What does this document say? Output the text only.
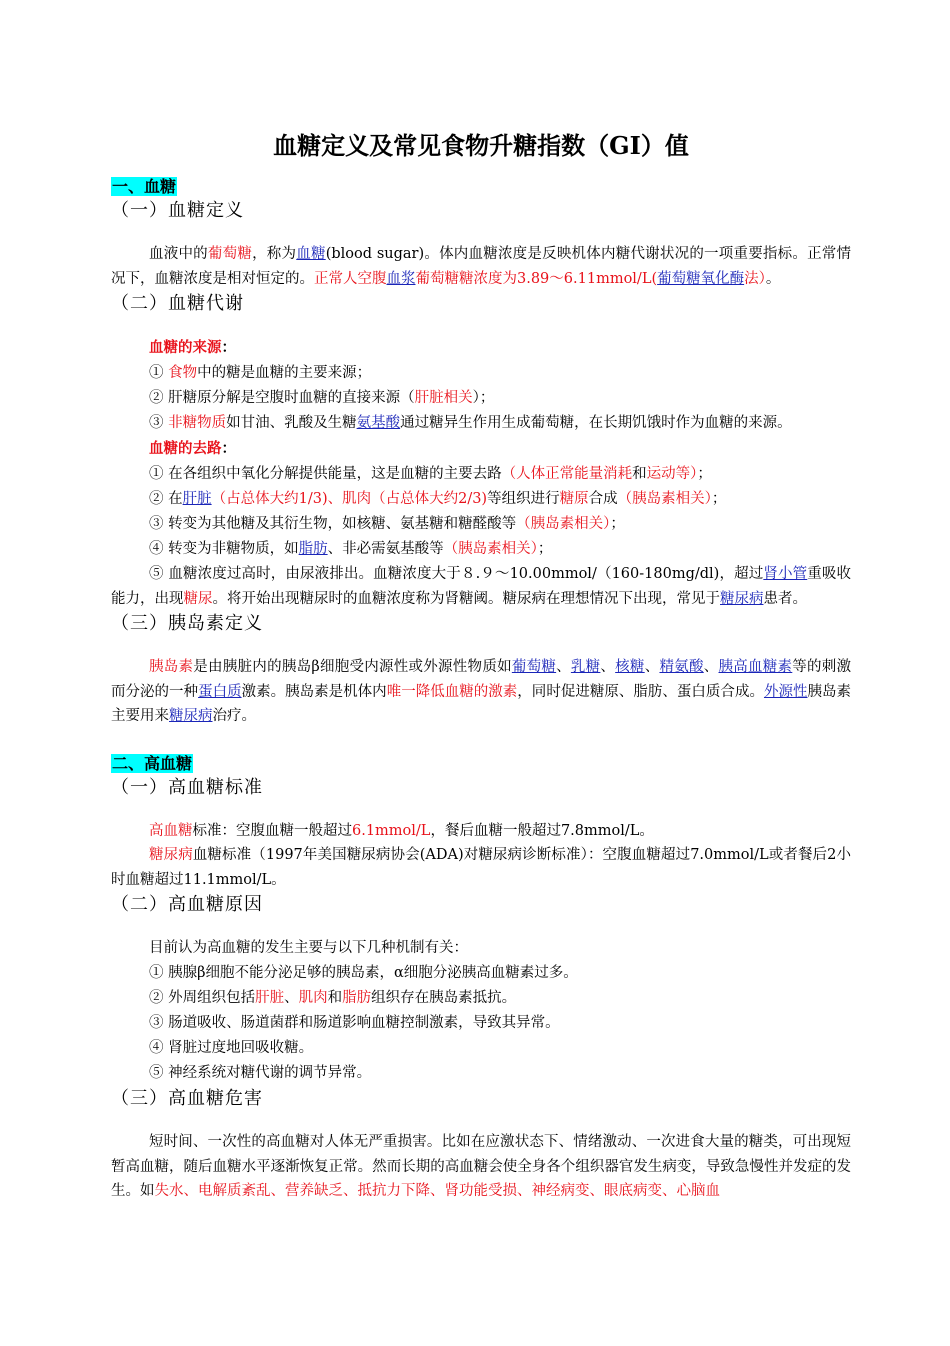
血糖定义及常见食物升糖指数（GI）值

一、血糖

（一）血糖定义

血液中的葡萄糖，称为血糖(blood sugar)。体内血糖浓度是反映机体内糖代谢状况的一项重要指标。正常情况下，血糖浓度是相对恒定的。正常人空腹血浆葡萄糖糖浓度为3.89～6.11mmol/L(葡萄糖氧化酶法）。

（二）血糖代谢

血糖的来源：

① 食物中的糖是血糖的主要来源；

② 肝糖原分解是空腹时血糖的直接来源（肝脏相关）；

③ 非糖物质如甘油、乳酸及生糖氨基酸通过糖异生作用生成葡萄糖，在长期饥饿时作为血糖的来源。

血糖的去路：

① 在各组织中氧化分解提供能量，这是血糖的主要去路（人体正常能量消耗和运动等）；

② 在肝脏（占总体大约1/3)、肌肉（占总体大约2/3)等组织进行糖原合成（胰岛素相关）；

③ 转变为其他糖及其衍生物，如核糖、氨基糖和糖醛酸等（胰岛素相关）；

④ 转变为非糖物质，如脂肪、非必需氨基酸等（胰岛素相关）；

⑤ 血糖浓度过高时，由尿液排出。血糖浓度大于８.９～10.00mmol/（160-180mg/dl)，超过肾小管重吸收能力，出现糖尿。将开始出现糖尿时的血糖浓度称为肾糖阈。糖尿病在理想情况下出现，常见于糖尿病患者。

（三）胰岛素定义

胰岛素是由胰脏内的胰岛β细胞受内源性或外源性物质如葡萄糖、乳糖、核糖、精氨酸、胰高血糖素等的刺激而分泌的一种蛋白质激素。胰岛素是机体内唯一降低血糖的激素，同时促进糖原、脂肪、蛋白质合成。外源性胰岛素主要用来糖尿病治疗。

二、高血糖

（一）高血糖标准

高血糖标准：空腹血糖一般超过6.1mmol/L，餐后血糖一般超过7.8mmol/L。

糖尿病血糖标准（1997年美国糖尿病协会(ADA)对糖尿病诊断标准）：空腹血糖超过7.0mmol/L或者餐后2小时血糖超过11.1mmol/L。

（二）高血糖原因

目前认为高血糖的发生主要与以下几种机制有关：

① 胰腺β细胞不能分泌足够的胰岛素，α细胞分泌胰高血糖素过多。

② 外周组织包括肝脏、肌肉和脂肪组织存在胰岛素抵抗。

③ 肠道吸收、肠道菌群和肠道影响血糖控制激素，导致其异常。

④ 肾脏过度地回吸收糖。

⑤ 神经系统对糖代谢的调节异常。

（三）高血糖危害

短时间、一次性的高血糖对人体无严重损害。比如在应激状态下、情绪激动、一次进食大量的糖类，可出现短暂高血糖，随后血糖水平逐渐恢复正常。然而长期的高血糖会使全身各个组织器官发生病变，导致急慢性并发症的发生。如失水、电解质紊乱、营养缺乏、抵抗力下降、肾功能受损、神经病变、眼底病变、心脑血
